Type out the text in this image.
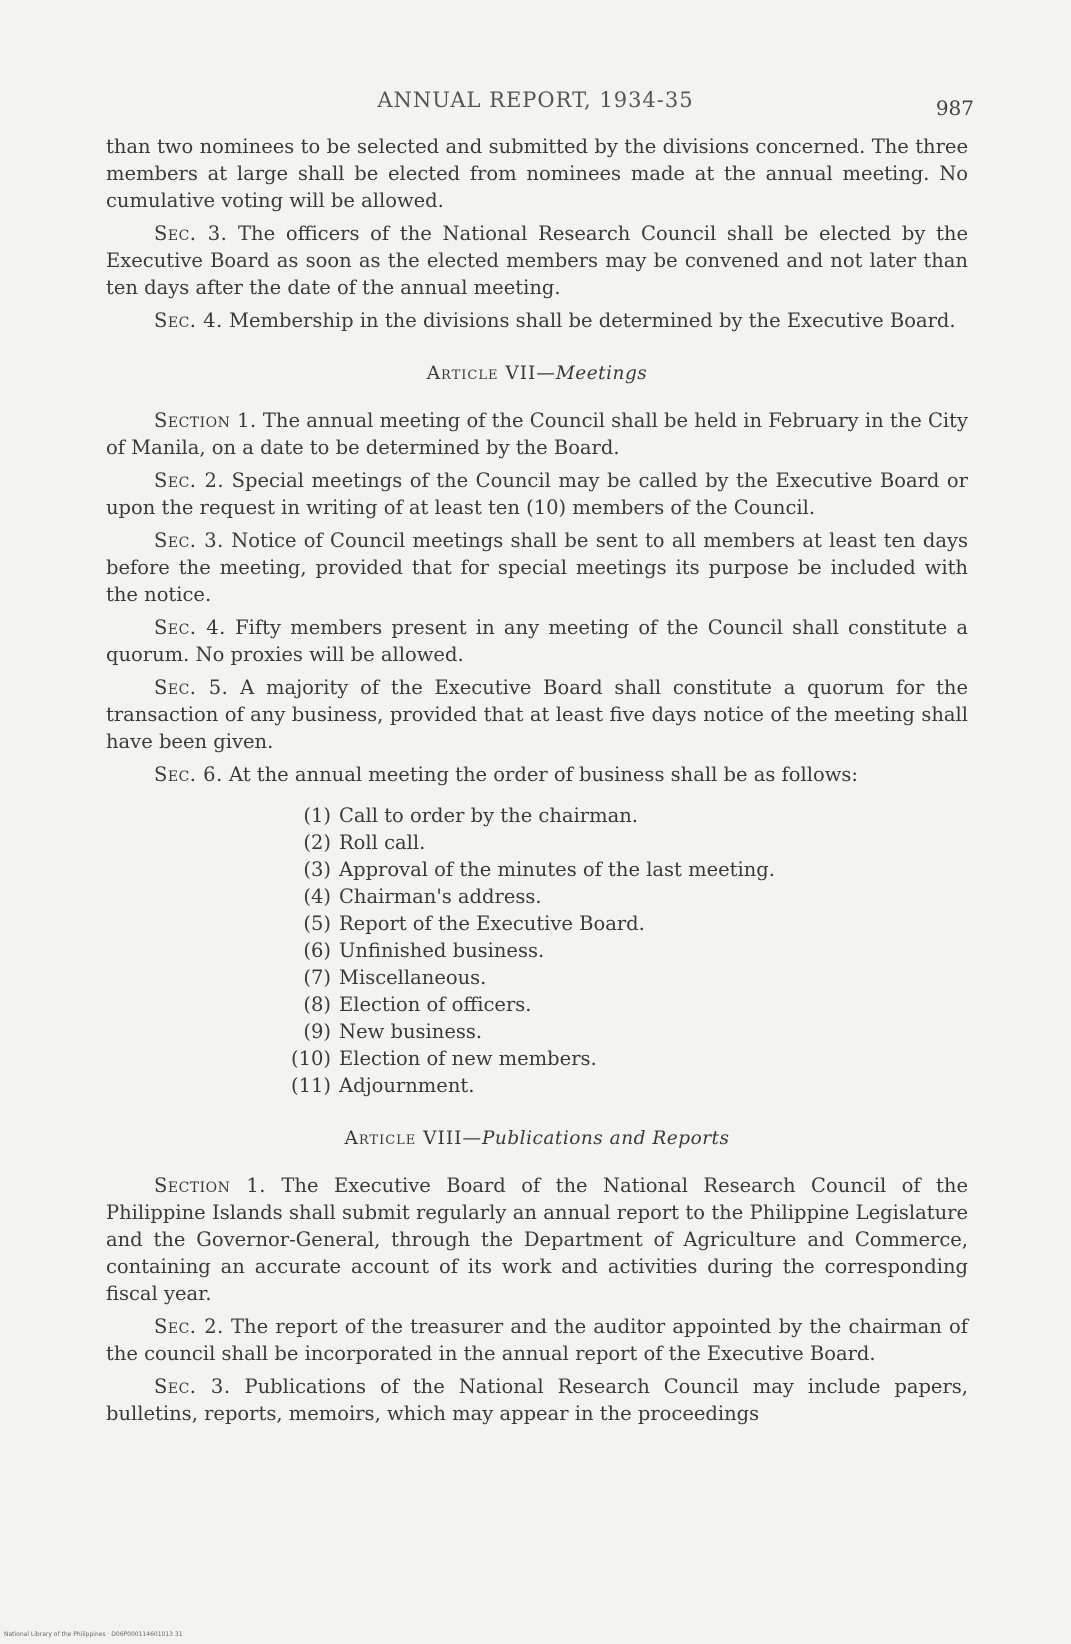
ANNUAL REPORT, 1934-35	987

than two nominees to be selected and submitted by the divisions concerned. The three members at large shall be elected from nominees made at the annual meeting. No cumulative voting will be allowed.

Sec. 3. The officers of the National Research Council shall be elected by the Executive Board as soon as the elected members may be convened and not later than ten days after the date of the annual meeting.

Sec. 4. Membership in the divisions shall be determined by the Executive Board.

Article VII—Meetings

Section 1. The annual meeting of the Council shall be held in February in the City of Manila, on a date to be determined by the Board.

Sec. 2. Special meetings of the Council may be called by the Executive Board or upon the request in writing of at least ten (10) members of the Council.

Sec. 3. Notice of Council meetings shall be sent to all members at least ten days before the meeting, provided that for special meetings its purpose be included with the notice.

Sec. 4. Fifty members present in any meeting of the Council shall constitute a quorum. No proxies will be allowed.

Sec. 5. A majority of the Executive Board shall constitute a quorum for the transaction of any business, provided that at least five days notice of the meeting shall have been given.

Sec. 6. At the annual meeting the order of business shall be as follows:

(1) Call to order by the chairman.
(2) Roll call.
(3) Approval of the minutes of the last meeting.
(4) Chairman's address.
(5) Report of the Executive Board.
(6) Unfinished business.
(7) Miscellaneous.
(8) Election of officers.
(9) New business.
(10) Election of new members.
(11) Adjournment.
Article VIII—Publications and Reports

Section 1. The Executive Board of the National Research Council of the Philippine Islands shall submit regularly an annual report to the Philippine Legislature and the Governor-General, through the Department of Agriculture and Commerce, containing an accurate account of its work and activities during the corresponding fiscal year.

Sec. 2. The report of the treasurer and the auditor appointed by the chairman of the council shall be incorporated in the annual report of the Executive Board.

Sec. 3. Publications of the National Research Council may include papers, bulletins, reports, memoirs, which may appear in the proceedings

National Library of the Philippines · D06P000114601013 31
